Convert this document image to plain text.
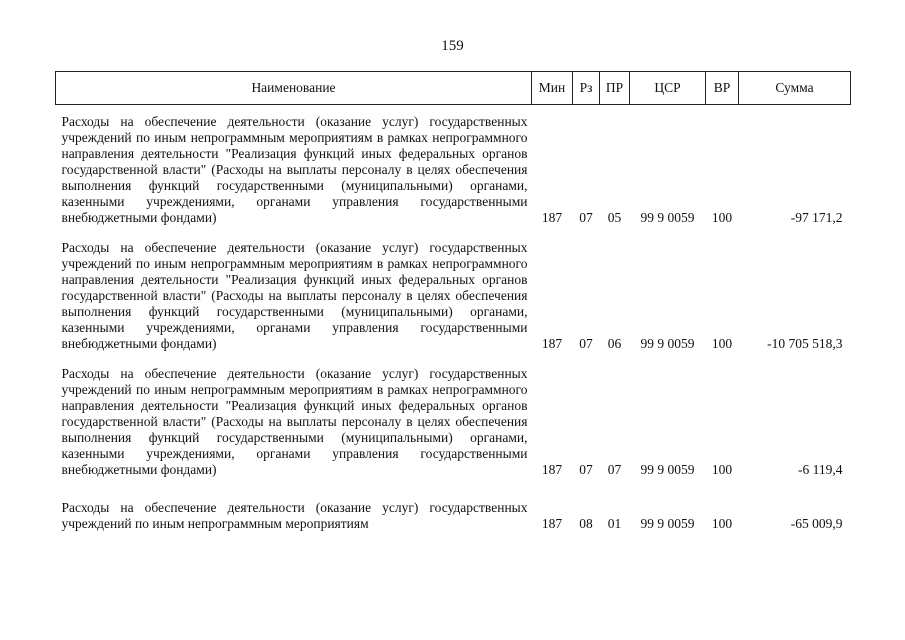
159
Наименование	Мин	Рз	ПР	ЦСР	ВР	Сумма
Расходы на обеспечение деятельности (оказание услуг) государственных учреждений по иным непрограммным мероприятиям в рамках непрограммного направления деятельности "Реализация функций иных федеральных органов государственной власти" (Расходы на выплаты персоналу в целях обеспечения выполнения функций государственными (муниципальными) органами, казенными учреждениями, органами управления государственными внебюджетными фондами)	187	07	05	99 9 0059	100	-97 171,2

Расходы на обеспечение деятельности (оказание услуг) государственных учреждений по иным непрограммным мероприятиям в рамках непрограммного направления деятельности "Реализация функций иных федеральных органов государственной власти" (Расходы на выплаты персоналу в целях обеспечения выполнения функций государственными (муниципальными) органами, казенными учреждениями, органами управления государственными внебюджетными фондами)	187	07	06	99 9 0059	100	-10 705 518,3

Расходы на обеспечение деятельности (оказание услуг) государственных учреждений по иным непрограммным мероприятиям в рамках непрограммного направления деятельности "Реализация функций иных федеральных органов государственной власти" (Расходы на выплаты персоналу в целях обеспечения выполнения функций государственными (муниципальными) органами, казенными учреждениями, органами управления государственными внебюджетными фондами)	187	07	07	99 9 0059	100	-6 119,4

Расходы на обеспечение деятельности (оказание услуг) государственных учреждений по иным непрограммным мероприятиям	187	08	01	99 9 0059	100	-65 009,9
